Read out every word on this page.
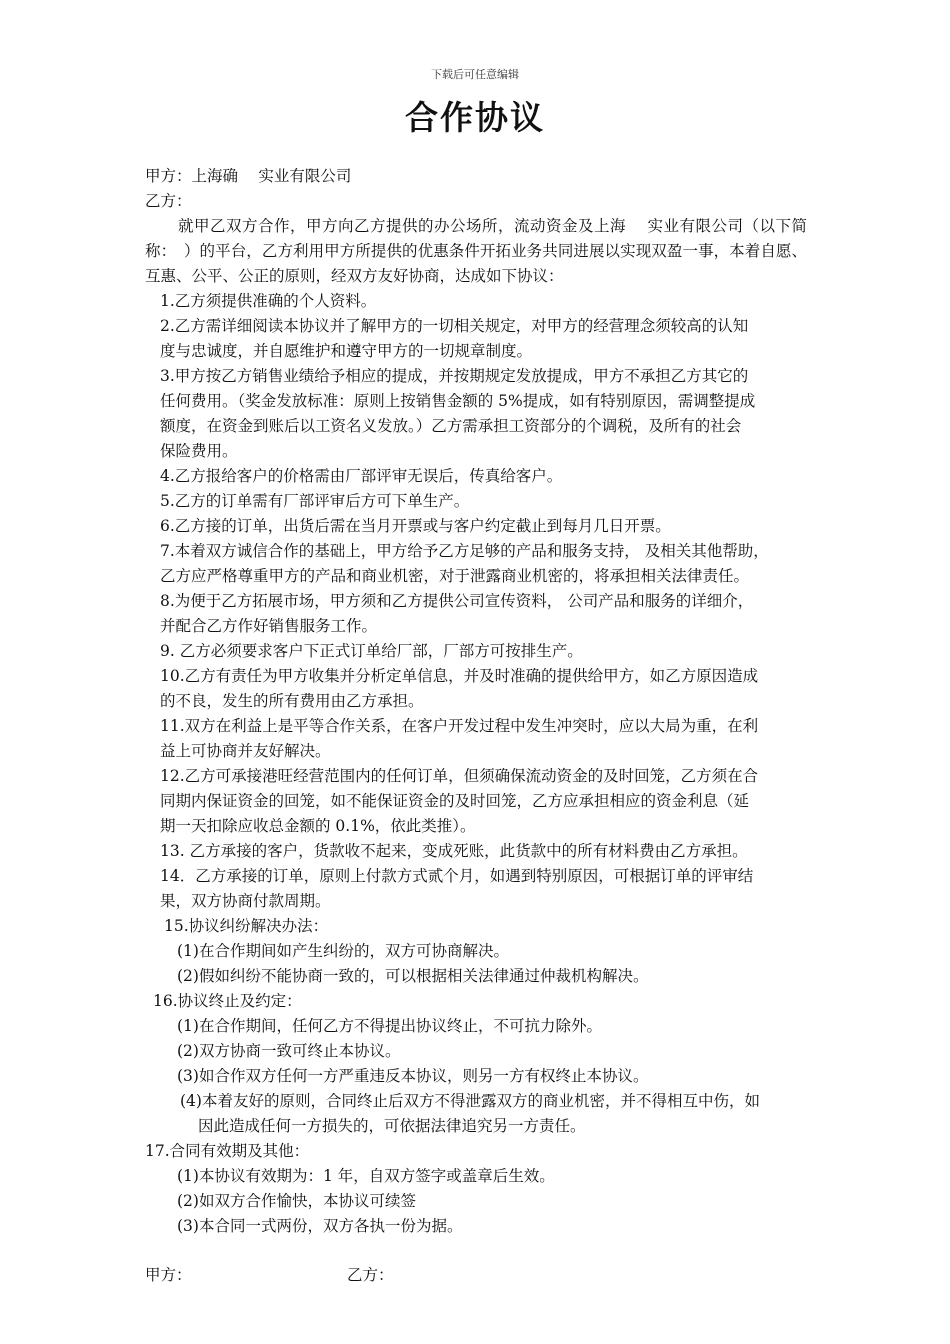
下载后可任意编辑
合作协议
甲方：上海确　 实业有限公司
乙方：
就甲乙双方合作，甲方向乙方提供的办公场所，流动资金及上海　 实业有限公司（以下简称：　）的平台，乙方利用甲方所提供的优惠条件开拓业务共同进展以实现双盈一事，本着自愿、互惠、公平、公正的原则，经双方友好协商，达成如下协议：
1.乙方须提供准确的个人资料。
2.乙方需详细阅读本协议并了解甲方的一切相关规定，对甲方的经营理念须较高的认知
度与忠诚度，并自愿维护和遵守甲方的一切规章制度。
3.甲方按乙方销售业绩给予相应的提成，并按期规定发放提成，甲方不承担乙方其它的
任何费用。（奖金发放标准：原则上按销售金额的 5%提成，如有特别原因，需调整提成
额度，在资金到账后以工资名义发放。）乙方需承担工资部分的个调税，及所有的社会
保险费用。
4.乙方报给客户的价格需由厂部评审无误后，传真给客户。
5.乙方的订单需有厂部评审后方可下单生产。
6.乙方接的订单，出货后需在当月开票或与客户约定截止到每月几日开票。
7.本着双方诚信合作的基础上，甲方给予乙方足够的产品和服务支持， 及相关其他帮助，
乙方应严格尊重甲方的产品和商业机密，对于泄露商业机密的，将承担相关法律责任。
8.为便于乙方拓展市场，甲方须和乙方提供公司宣传资料， 公司产品和服务的详细介，
并配合乙方作好销售服务工作。
9. 乙方必须要求客户下正式订单给厂部，厂部方可按排生产。
10.乙方有责任为甲方收集并分析定单信息，并及时准确的提供给甲方，如乙方原因造成
的不良，发生的所有费用由乙方承担。
11.双方在利益上是平等合作关系，在客户开发过程中发生冲突时，应以大局为重，在利
益上可协商并友好解决。
12.乙方可承接港旺经营范围内的任何订单，但须确保流动资金的及时回笼，乙方须在合
同期内保证资金的回笼，如不能保证资金的及时回笼，乙方应承担相应的资金利息（延
期一天扣除应收总金额的 0.1%，依此类推）。
13. 乙方承接的客户，货款收不起来，变成死账，此货款中的所有材料费由乙方承担。
14．乙方承接的订单，原则上付款方式贰个月，如遇到特别原因，可根据订单的评审结
果，双方协商付款周期。
15.协议纠纷解决办法：
(1)在合作期间如产生纠纷的，双方可协商解决。
(2)假如纠纷不能协商一致的，可以根据相关法律通过仲裁机构解决。
16.协议终止及约定：
(1)在合作期间，任何乙方不得提出协议终止，不可抗力除外。
(2)双方协商一致可终止本协议。
(3)如合作双方任何一方严重违反本协议，则另一方有权终止本协议。
(4)本着友好的原则，合同终止后双方不得泄露双方的商业机密，并不得相互中伤，如
因此造成任何一方损失的，可依据法律追究另一方责任。
17.合同有效期及其他：
(1)本协议有效期为：1 年，自双方签字或盖章后生效。
(2)如双方合作愉快，本协议可续签
(3)本合同一式两份，双方各执一份为据。
甲方：	乙方：
